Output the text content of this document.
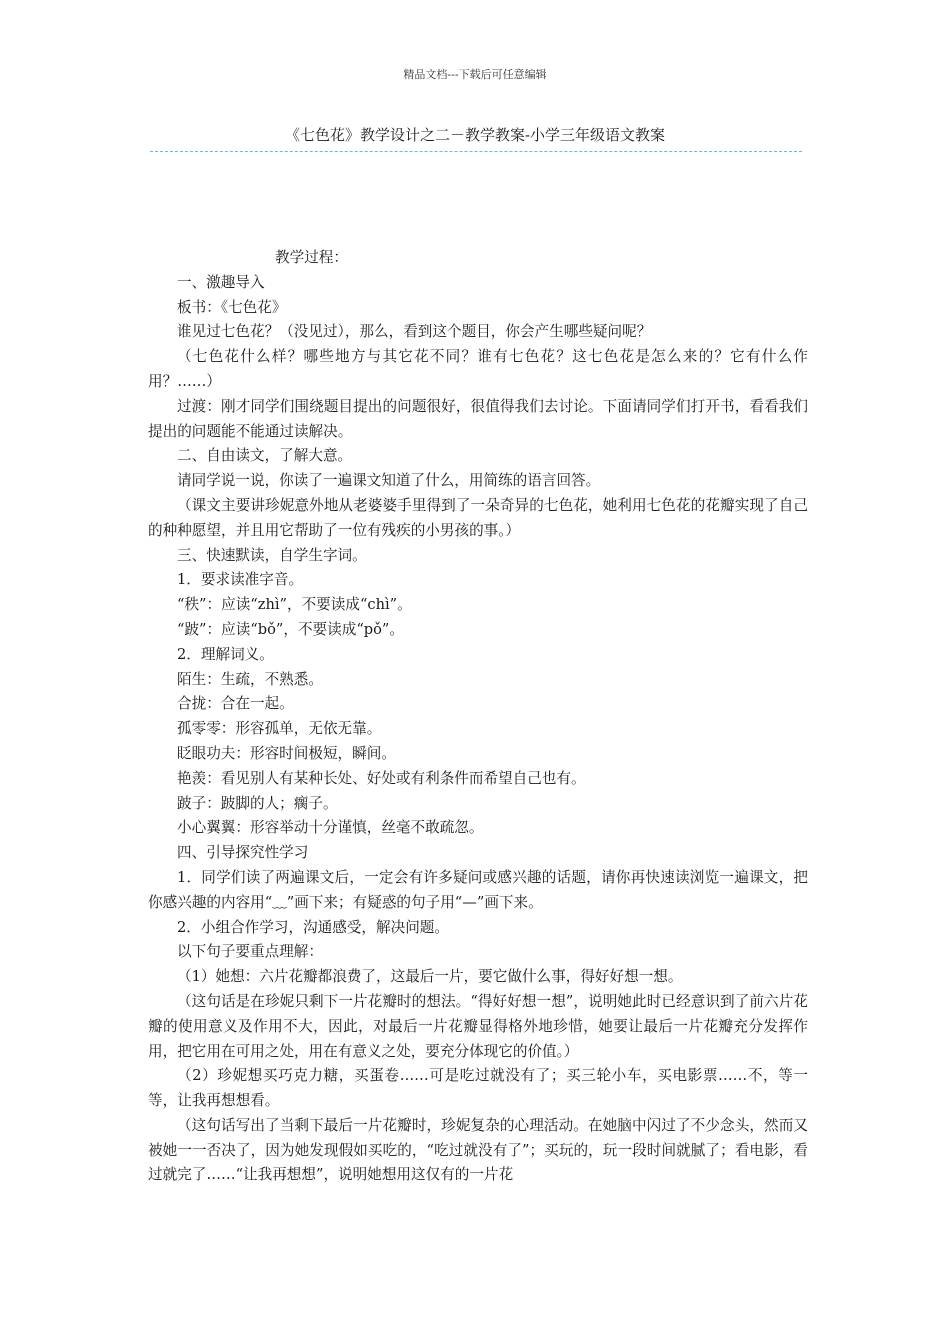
精品文档---下载后可任意编辑
《七色花》教学设计之二－教学教案-小学三年级语文教案

教学过程：

一、激趣导入

板书：《七色花》

谁见过七色花？（没见过），那么，看到这个题目，你会产生哪些疑问呢？

（七色花什么样？哪些地方与其它花不同？谁有七色花？这七色花是怎么来的？它有什么作用？……）

过渡：刚才同学们围绕题目提出的问题很好，很值得我们去讨论。下面请同学们打开书，看看我们提出的问题能不能通过读解决。

二、自由读文，了解大意。

请同学说一说，你读了一遍课文知道了什么，用简练的语言回答。

（课文主要讲珍妮意外地从老婆婆手里得到了一朵奇异的七色花，她利用七色花的花瓣实现了自己的种种愿望，并且用它帮助了一位有残疾的小男孩的事。）

三、快速默读，自学生字词。

1．要求读准字音。

“秩”：应读“zhì”，不要读成“chì”。

“跛”：应读“bǒ”，不要读成“pǒ”。

2．理解词义。

陌生：生疏，不熟悉。

合拢：合在一起。

孤零零：形容孤单，无依无靠。

眨眼功夫：形容时间极短，瞬间。

艳羡：看见别人有某种长处、好处或有利条件而希望自己也有。

跛子：跛脚的人；瘸子。

小心翼翼：形容举动十分谨慎，丝毫不敢疏忽。

四、引导探究性学习

1．同学们读了两遍课文后，一定会有许多疑问或感兴趣的话题，请你再快速读浏览一遍课文，把你感兴趣的内容用“﹏”画下来；有疑惑的句子用“—”画下来。

2．小组合作学习，沟通感受，解决问题。

以下句子要重点理解：

（1）她想：六片花瓣都浪费了，这最后一片，要它做什么事，得好好想一想。

（这句话是在珍妮只剩下一片花瓣时的想法。“得好好想一想”，说明她此时已经意识到了前六片花瓣的使用意义及作用不大，因此，对最后一片花瓣显得格外地珍惜，她要让最后一片花瓣充分发挥作用，把它用在可用之处，用在有意义之处，要充分体现它的价值。）

（2）珍妮想买巧克力糖，买蛋卷……可是吃过就没有了；买三轮小车，买电影票……不，等一等，让我再想想看。

（这句话写出了当剩下最后一片花瓣时，珍妮复杂的心理活动。在她脑中闪过了不少念头，然而又被她一一否决了，因为她发现假如买吃的，“吃过就没有了”；买玩的，玩一段时间就腻了；看电影，看过就完了……“让我再想想”，说明她想用这仅有的一片花
